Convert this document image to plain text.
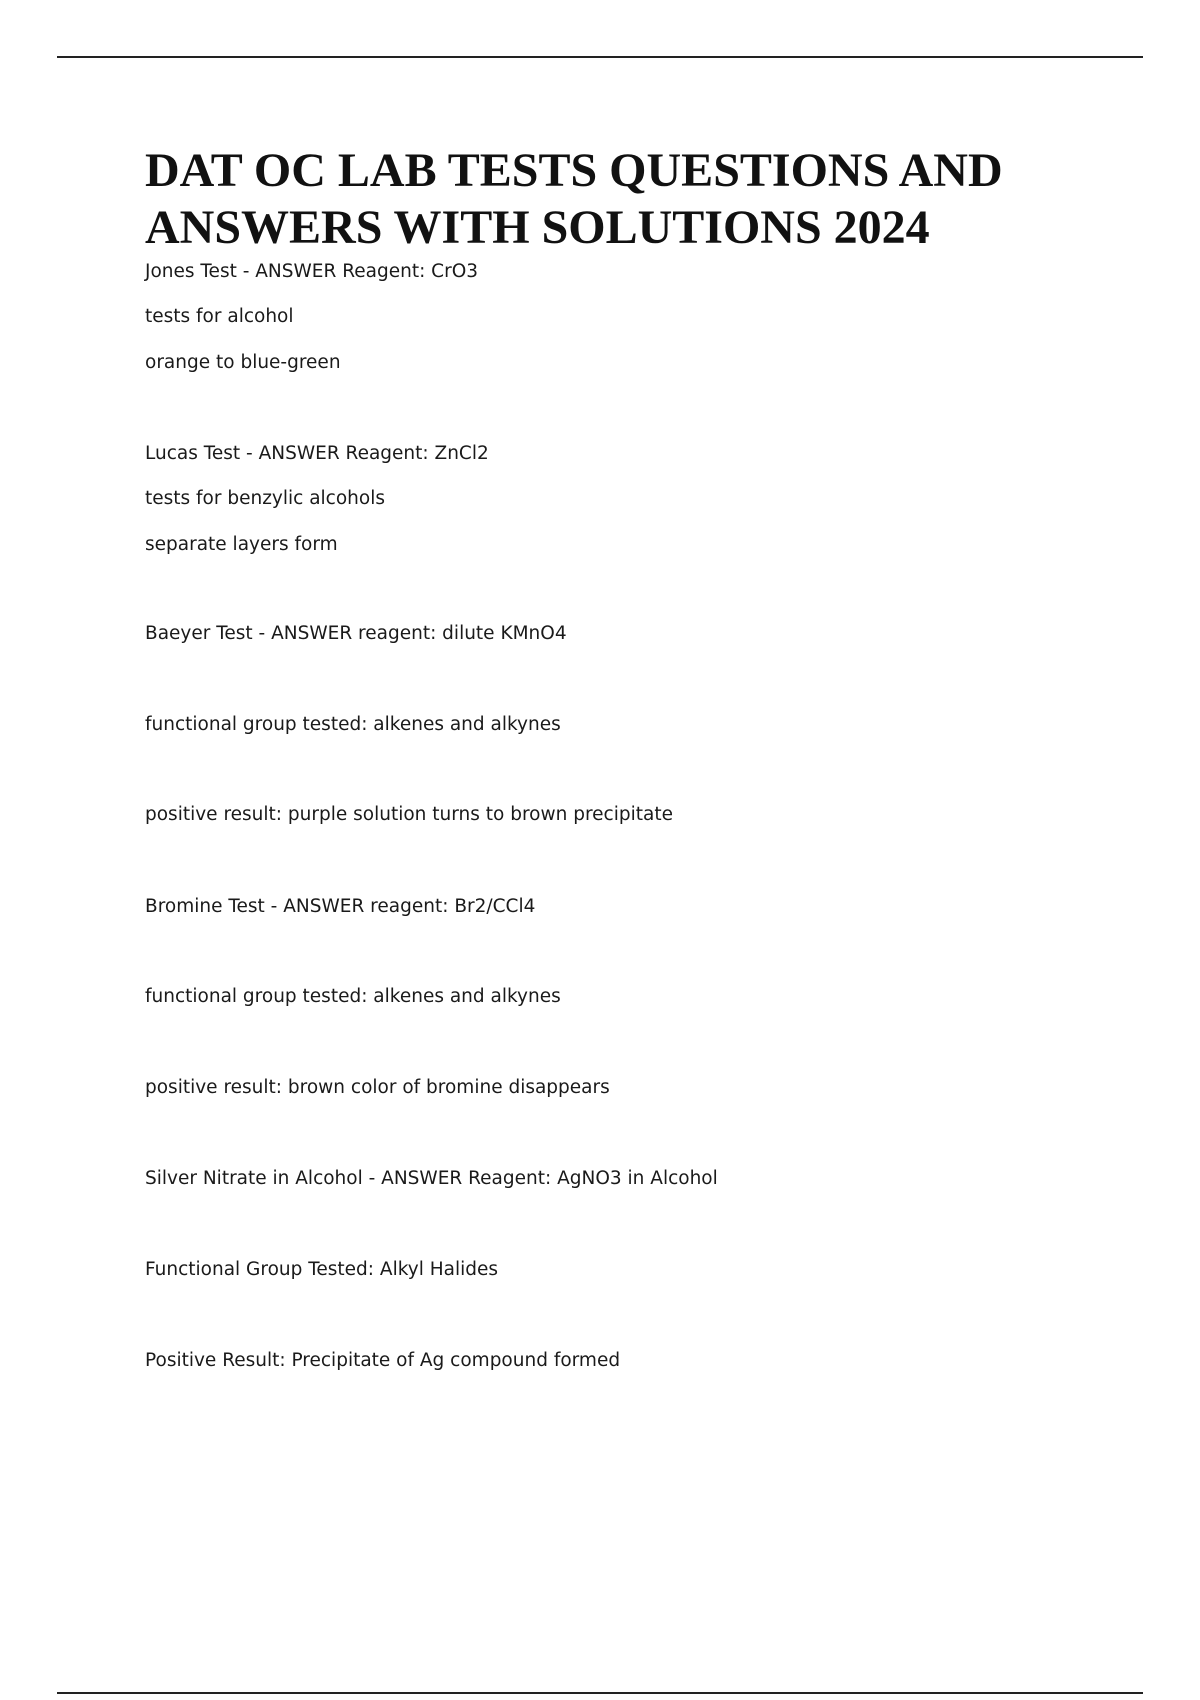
DAT OC LAB TESTS QUESTIONS AND ANSWERS WITH SOLUTIONS 2024

Jones Test - ANSWER Reagent: CrO3

tests for alcohol

orange to blue-green

Lucas Test - ANSWER Reagent: ZnCl2

tests for benzylic alcohols

separate layers form

Baeyer Test - ANSWER reagent: dilute KMnO4

functional group tested: alkenes and alkynes

positive result: purple solution turns to brown precipitate

Bromine Test - ANSWER reagent: Br2/CCl4

functional group tested: alkenes and alkynes

positive result: brown color of bromine disappears

Silver Nitrate in Alcohol - ANSWER Reagent: AgNO3 in Alcohol

Functional Group Tested: Alkyl Halides

Positive Result: Precipitate of Ag compound formed
